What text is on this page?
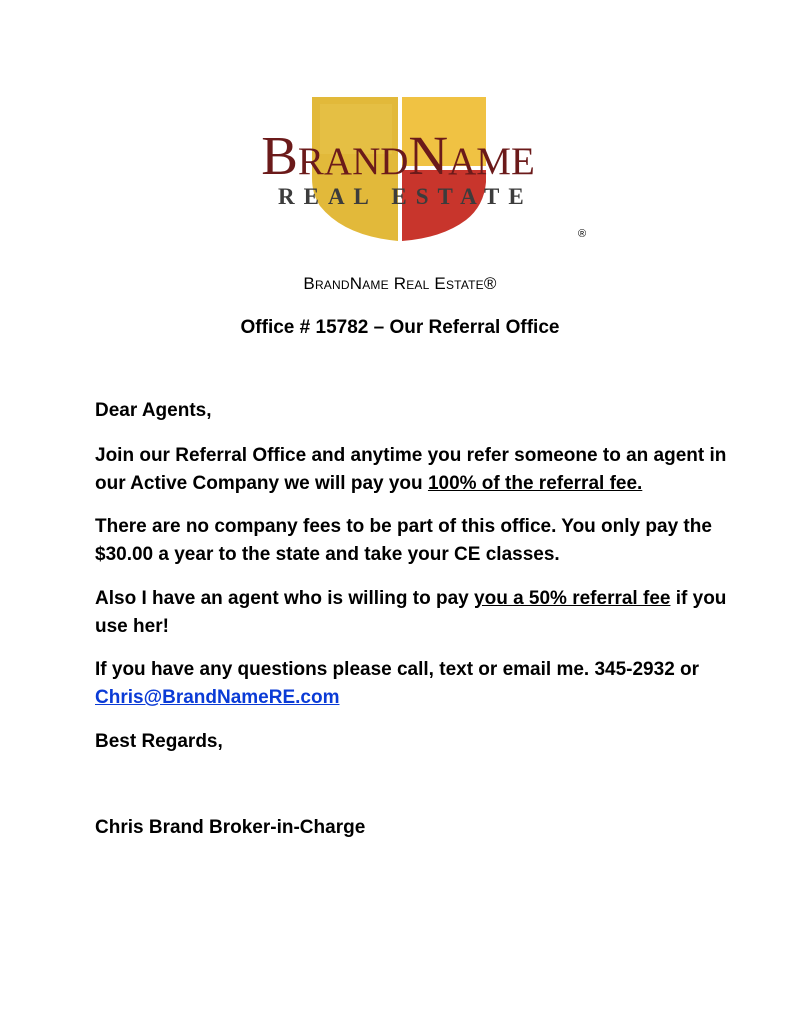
BrandName
REAL ESTATE
®
BrandName Real Estate®
Office # 15782 – Our Referral Office
Dear Agents,
Join our Referral Office and anytime you refer someone to an agent in
our Active Company we will pay you 100% of the referral fee.
There are no company fees to be part of this office. You only pay the
$30.00 a year to the state and take your CE classes.
Also I have an agent who is willing to pay you a 50% referral fee if you
use her!
If you have any questions please call, text or email me. 345-2932 or
Chris@BrandNameRE.com
Best Regards,
Chris Brand Broker-in-Charge
